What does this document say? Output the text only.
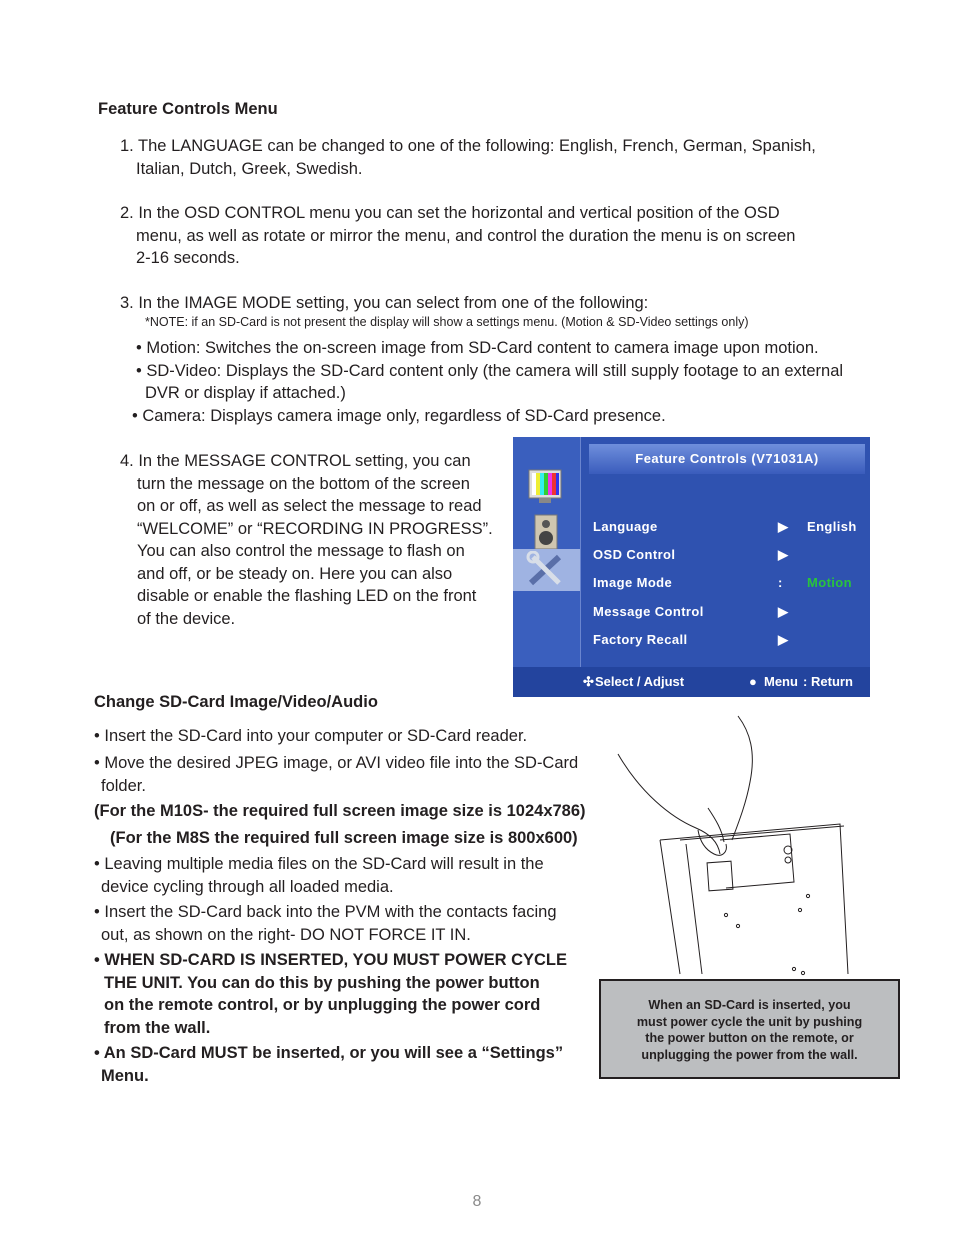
Feature Controls Menu
1. The LANGUAGE can be changed to one of the following: English, French, German, Spanish,
Italian, Dutch, Greek, Swedish.
2. In the OSD CONTROL menu you can set the horizontal and vertical position of the OSD
menu, as well as rotate or mirror the menu, and control the duration the menu is on screen
2-16 seconds.
3. In the IMAGE MODE setting, you can select from one of the following:
*NOTE: if an SD-Card is not present the display will show a settings menu. (Motion & SD-Video settings only)
• Motion: Switches the on-screen image from SD-Card content to camera image upon motion.
• SD-Video: Displays the SD-Card content only (the camera will still supply footage to an external
DVR or display if attached.)
• Camera: Displays camera image only, regardless of SD-Card presence.
4. In the MESSAGE CONTROL setting, you can
turn the message on the bottom of the screen
on or off, as well as select the message to read
“WELCOME” or “RECORDING IN PROGRESS”.
You can also control the message to flash on
and off, or be steady on. Here you can also
disable or enable the flashing LED on the front
of the device.
Feature Controls (V71031A)
Language	▶ English
OSD Control	▶
Image Mode	: Motion
Message Control	▶
Factory Recall	▶
✣ Select / Adjust	● Menu : Return
Change SD-Card Image/Video/Audio
• Insert the SD-Card into your computer or SD-Card reader.
• Move the desired JPEG image, or AVI video file into the SD-Card
folder.
(For the M10S- the required full screen image size is 1024x786)
(For the M8S the required full screen image size is 800x600)
• Leaving multiple media files on the SD-Card will result in the
device cycling through all loaded media.
• Insert the SD-Card back into the PVM with the contacts facing
out, as shown on the right- DO NOT FORCE IT IN.
• WHEN SD-CARD IS INSERTED, YOU MUST POWER CYCLE
THE UNIT. You can do this by pushing the power button
on the remote control, or by unplugging the power cord
from the wall.
• An SD-Card MUST be inserted, or you will see a “Settings”
Menu.
When an SD-Card is inserted, you
must power cycle the unit by pushing
the power button on the remote, or
unplugging the power from the wall.
8
